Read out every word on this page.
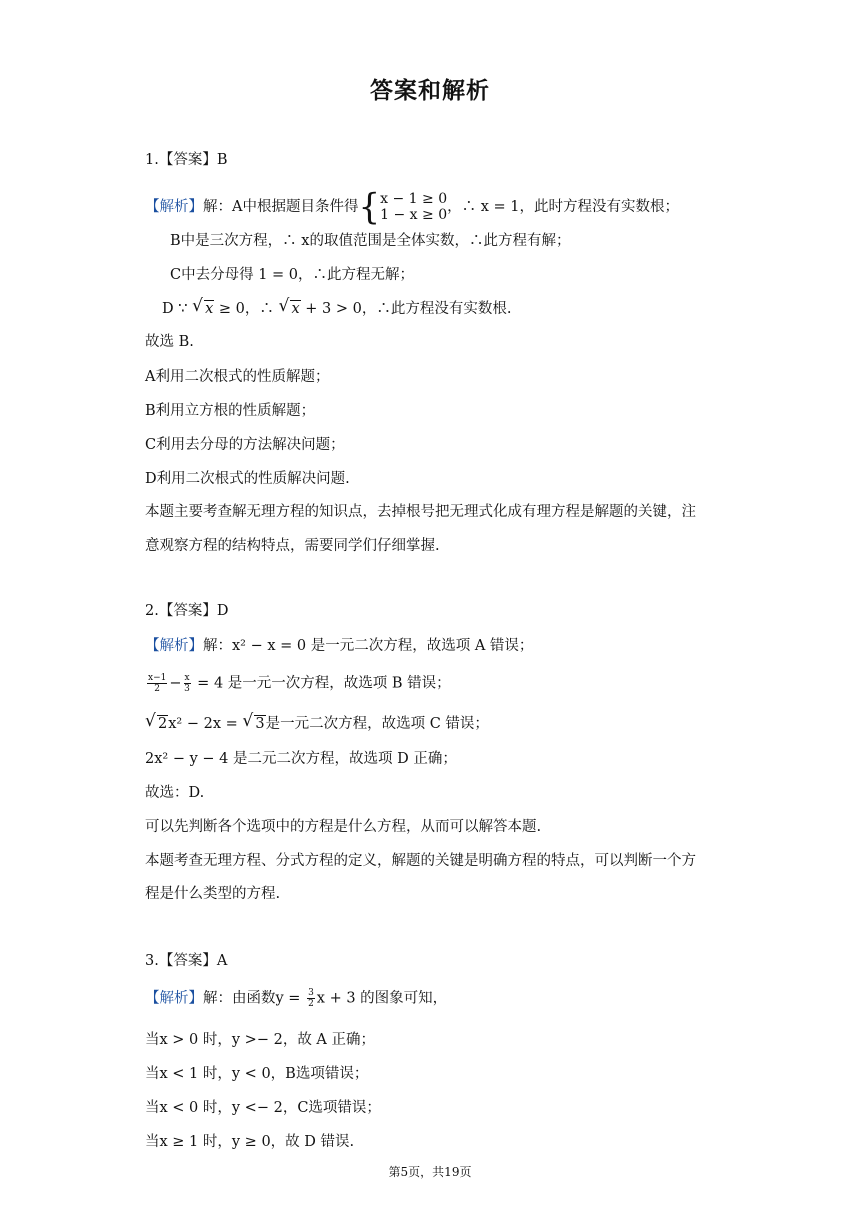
答案和解析
1.【答案】B
【解析】解：A中根据题目条件得{ x − 1 ≥ 0
1 − x ≥ 0 ，∴ x = 1，此时方程没有实数根；
B中是三次方程，∴ x的取值范围是全体实数，∴此方程有解；
C中去分母得 1 = 0，∴此方程无解；
D ∵ √ x ≥ 0，∴ √ x + 3 > 0，∴此方程没有实数根.
故选 B.
A利用二次根式的性质解题；
B利用立方根的性质解题；
C利用去分母的方法解决问题；
D利用二次根式的性质解决问题.
本题主要考查解无理方程的知识点，去掉根号把无理式化成有理方程是解题的关键，注
意观察方程的结构特点，需要同学们仔细掌握.
2.【答案】D
【解析】解：x² − x = 0 是一元二次方程，故选项 A 错误；
$\frac{x-1}{2} - \frac{x}{3} = 4$ 是一元一次方程，故选项 B 错误；
√ 2x² − 2x = √ 3是一元二次方程，故选项 C 错误；
2x² − y − 4 是二元二次方程，故选项 D 正确；
故选：D.
可以先判断各个选项中的方程是什么方程，从而可以解答本题.
本题考查无理方程、分式方程的定义，解题的关键是明确方程的特点，可以判断一个方
程是什么类型的方程.
3.【答案】A
【解析】解：由函数$y = \frac{3}{2}$ x + 3 的图象可知，
当x > 0 时，y >− 2，故 A 正确；
当x < 1 时，y < 0，B选项错误；
当x < 0 时，y <− 2，C选项错误；
当x ≥ 1 时，y ≥ 0，故 D 错误.
第5页，共19页
